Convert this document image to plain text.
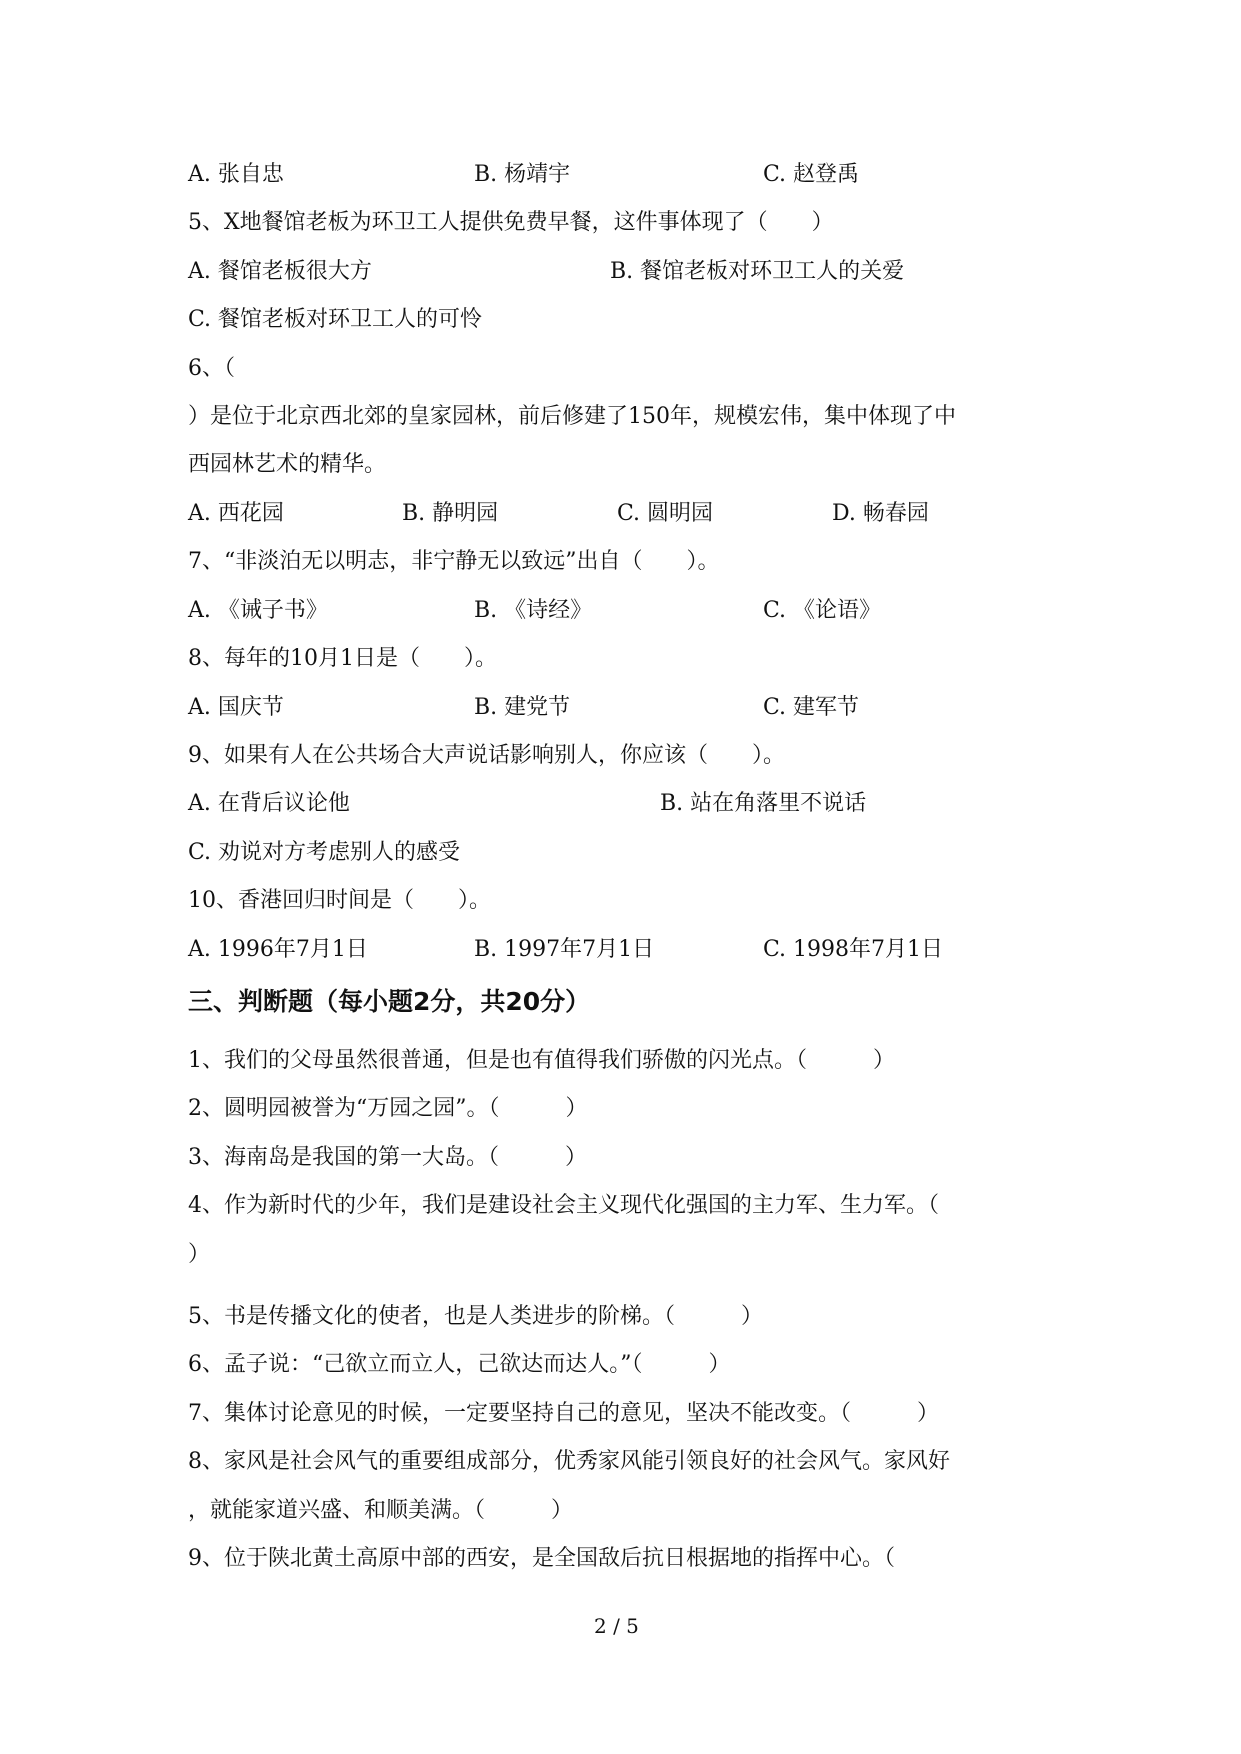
A. 张自忠	B. 杨靖宇	C. 赵登禹
5、X地餐馆老板为环卫工人提供免费早餐，这件事体现了（　　）
A. 餐馆老板很大方	B. 餐馆老板对环卫工人的关爱
C. 餐馆老板对环卫工人的可怜
6、（
）是位于北京西北郊的皇家园林，前后修建了150年，规模宏伟，集中体现了中
西园林艺术的精华。
A. 西花园	B. 静明园	C. 圆明园	D. 畅春园
7、“非淡泊无以明志，非宁静无以致远”出自（　　）。
A. 《诫子书》	B. 《诗经》	C. 《论语》
8、每年的10月1日是（　　）。
A. 国庆节	B. 建党节	C. 建军节
9、如果有人在公共场合大声说话影响别人，你应该（　　）。
A. 在背后议论他	B. 站在角落里不说话
C. 劝说对方考虑别人的感受
10、香港回归时间是（　　）。
A. 1996年7月1日	B. 1997年7月1日	C. 1998年7月1日
三、判断题（每小题2分，共20分）
1、我们的父母虽然很普通，但是也有值得我们骄傲的闪光点。（　　　）
2、圆明园被誉为“万园之园”。（　　　）
3、海南岛是我国的第一大岛。（　　　）
4、作为新时代的少年，我们是建设社会主义现代化强国的主力军、生力军。（
）
5、书是传播文化的使者，也是人类进步的阶梯。（　　　）
6、孟子说：“己欲立而立人，己欲达而达人。”（　　　）
7、集体讨论意见的时候，一定要坚持自己的意见，坚决不能改变。（　　　）
8、家风是社会风气的重要组成部分，优秀家风能引领良好的社会风气。家风好
，就能家道兴盛、和顺美满。（　　　）
9、位于陕北黄土高原中部的西安，是全国敌后抗日根据地的指挥中心。（
2 / 5
